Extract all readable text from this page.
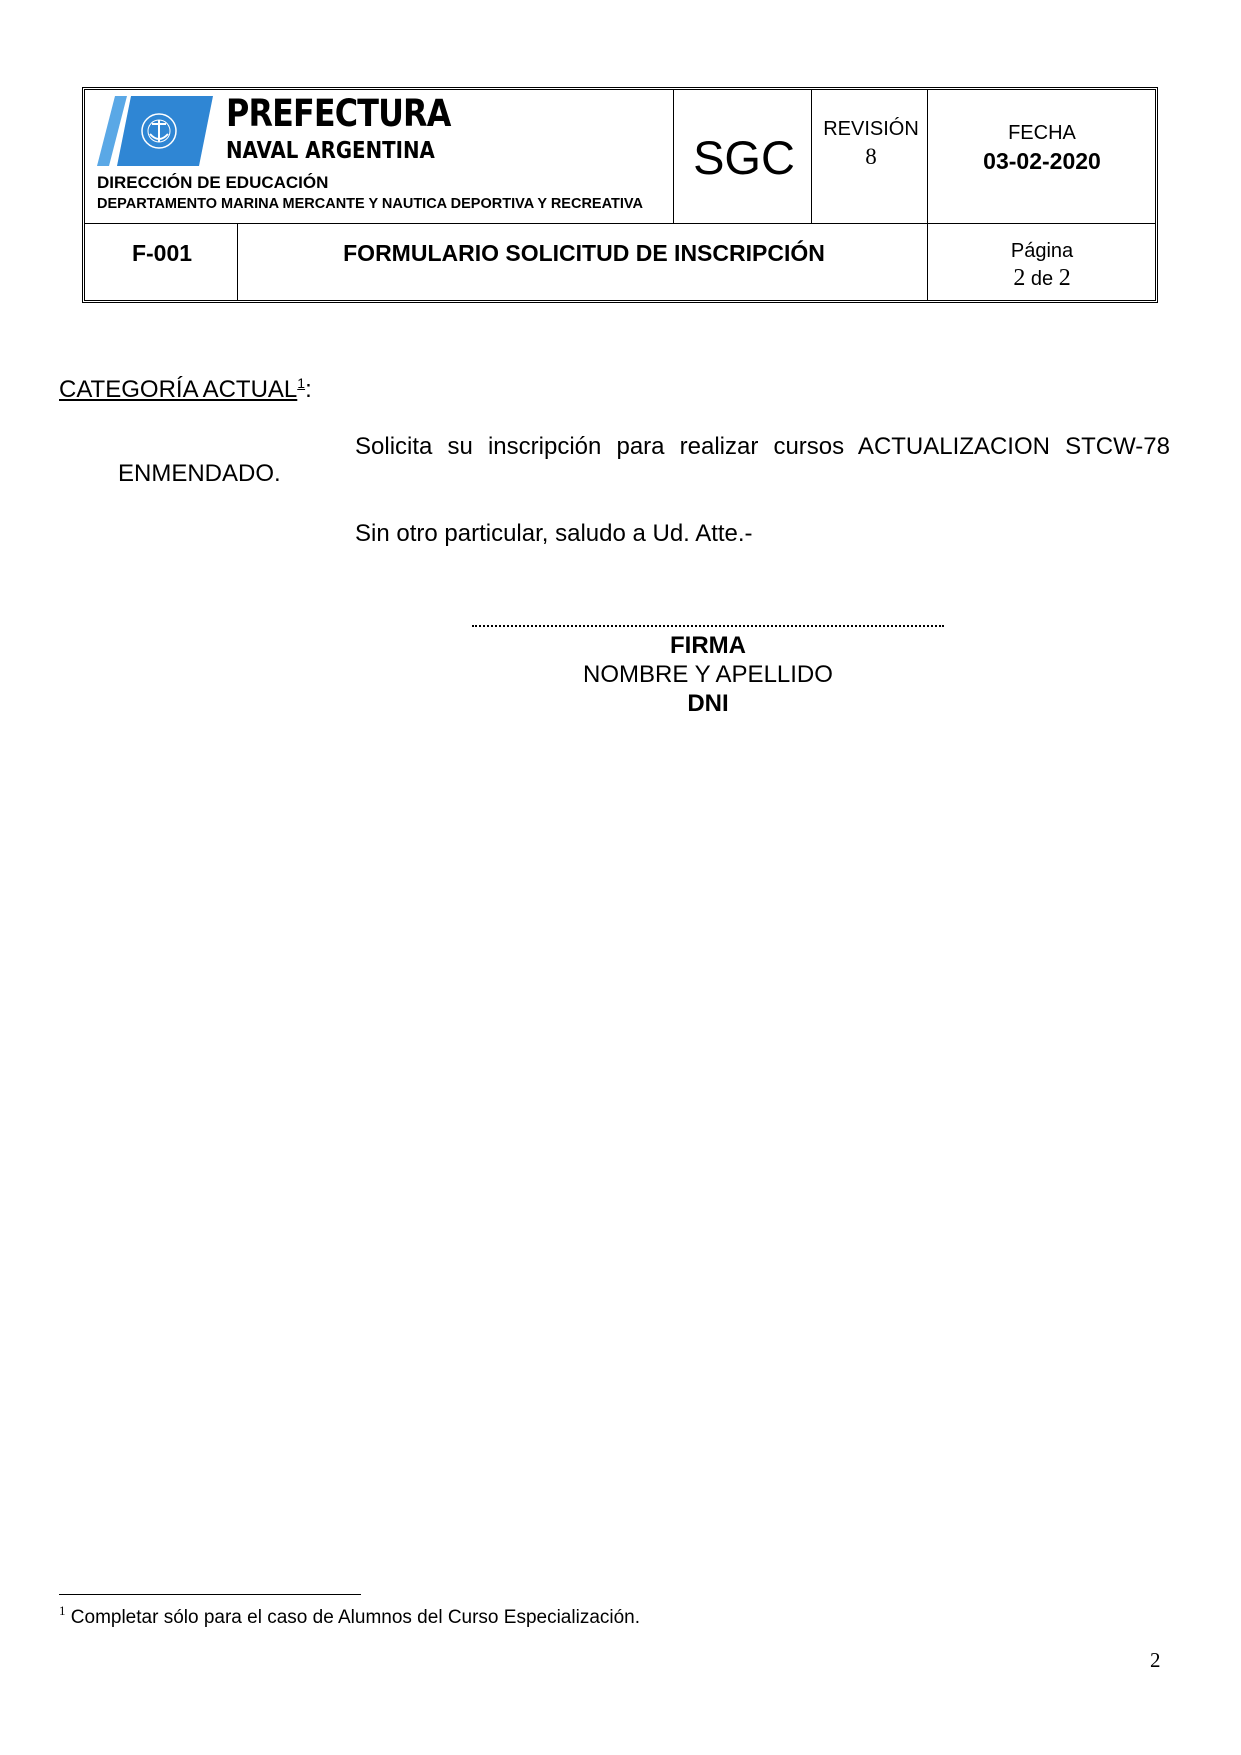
PREFECTURA
NAVAL ARGENTINA
DIRECCIÓN DE EDUCACIÓN
DEPARTAMENTO MARINA MERCANTE Y NAUTICA DEPORTIVA Y RECREATIVA
SGC
REVISIÓN
8
FECHA
03-02-2020
F-001	FORMULARIO SOLICITUD DE INSCRIPCIÓN	Página
2 de 2
CATEGORÍA ACTUAL$^1$:
Solicita su inscripción para realizar cursos ACTUALIZACION STCW-78
ENMENDADO.
Sin otro particular, saludo a Ud. Atte.-
FIRMA
NOMBRE Y APELLIDO
DNI
$^1$ Completar sólo para el caso de Alumnos del Curso Especialización.
2
